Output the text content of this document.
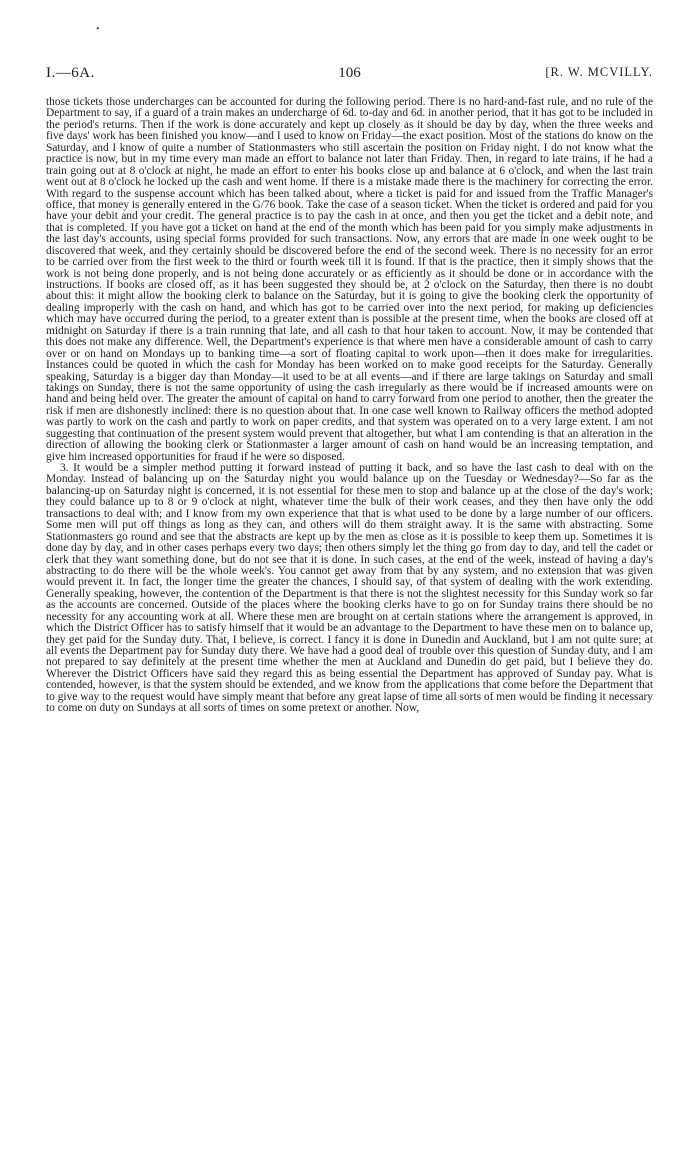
•
I.—6A.	106	[R. W. MCVILLY.

those tickets those undercharges can be accounted for during the following period. There is no hard-and-fast rule, and no rule of the Department to say, if a guard of a train makes an undercharge of 6d. to-day and 6d. in another period, that it has got to be included in the period's returns. Then if the work is done accurately and kept up closely as it should be day by day, when the three weeks and five days' work has been finished you know—and I used to know on Friday—the exact position. Most of the stations do know on the Saturday, and I know of quite a number of Stationmasters who still ascertain the position on Friday night. I do not know what the practice is now, but in my time every man made an effort to balance not later than Friday. Then, in regard to late trains, if he had a train going out at 8 o'clock at night, he made an effort to enter his books close up and balance at 6 o'clock, and when the last train went out at 8 o'clock he locked up the cash and went home. If there is a mistake made there is the machinery for correcting the error. With regard to the suspense account which has been talked about, where a ticket is paid for and issued from the Traffic Manager's office, that money is generally entered in the G/76 book. Take the case of a season ticket. When the ticket is ordered and paid for you have your debit and your credit. The general practice is to pay the cash in at once, and then you get the ticket and a debit note, and that is completed. If you have got a ticket on hand at the end of the month which has been paid for you simply make adjustments in the last day's accounts, using special forms provided for such transactions. Now, any errors that are made in one week ought to be discovered that week, and they certainly should be discovered before the end of the second week. There is no necessity for an error to be carried over from the first week to the third or fourth week till it is found. If that is the practice, then it simply shows that the work is not being done properly, and is not being done accurately or as efficiently as it should be done or in accordance with the instructions. If books are closed off, as it has been suggested they should be, at 2 o'clock on the Saturday, then there is no doubt about this: it might allow the booking clerk to balance on the Saturday, but it is going to give the booking clerk the opportunity of dealing improperly with the cash on hand, and which has got to be carried over into the next period, for making up deficiencies which may have occurred during the period, to a greater extent than is possible at the present time, when the books are closed off at midnight on Saturday if there is a train running that late, and all cash to that hour taken to account. Now, it may be contended that this does not make any difference. Well, the Department's experience is that where men have a considerable amount of cash to carry over or on hand on Mondays up to banking time—a sort of floating capital to work upon—then it does make for irregularities. Instances could be quoted in which the cash for Monday has been worked on to make good receipts for the Saturday. Generally speaking, Saturday is a bigger day than Monday—it used to be at all events—and if there are large takings on Saturday and small takings on Sunday, there is not the same opportunity of using the cash irregularly as there would be if increased amounts were on hand and being held over. The greater the amount of capital on hand to carry forward from one period to another, then the greater the risk if men are dishonestly inclined: there is no question about that. In one case well known to Railway officers the method adopted was partly to work on the cash and partly to work on paper credits, and that system was operated on to a very large extent. I am not suggesting that continuation of the present system would prevent that altogether, but what I am contending is that an alteration in the direction of allowing the booking clerk or Stationmaster a larger amount of cash on hand would be an increasing temptation, and give him increased opportunities for fraud if he were so disposed.

3. It would be a simpler method putting it forward instead of putting it back, and so have the last cash to deal with on the Monday. Instead of balancing up on the Saturday night you would balance up on the Tuesday or Wednesday?—So far as the balancing-up on Saturday night is concerned, it is not essential for these men to stop and balance up at the close of the day's work; they could balance up to 8 or 9 o'clock at night, whatever time the bulk of their work ceases, and they then have only the odd transactions to deal with; and I know from my own experience that that is what used to be done by a large number of our officers. Some men will put off things as long as they can, and others will do them straight away. It is the same with abstracting. Some Stationmasters go round and see that the abstracts are kept up by the men as close as it is possible to keep them up. Sometimes it is done day by day, and in other cases perhaps every two days; then others simply let the thing go from day to day, and tell the cadet or clerk that they want something done, but do not see that it is done. In such cases, at the end of the week, instead of having a day's abstracting to do there will be the whole week's. You cannot get away from that by any system, and no extension that was given would prevent it. In fact, the longer time the greater the chances, I should say, of that system of dealing with the work extending. Generally speaking, however, the contention of the Department is that there is not the slightest necessity for this Sunday work so far as the accounts are concerned. Outside of the places where the booking clerks have to go on for Sunday trains there should be no necessity for any accounting work at all. Where these men are brought on at certain stations where the arrangement is approved, in which the District Officer has to satisfy himself that it would be an advantage to the Department to have these men on to balance up, they get paid for the Sunday duty. That, I believe, is correct. I fancy it is done in Dunedin and Auckland, but I am not quite sure; at all events the Department pay for Sunday duty there. We have had a good deal of trouble over this question of Sunday duty, and I am not prepared to say definitely at the present time whether the men at Auckland and Dunedin do get paid, but I believe they do. Wherever the District Officers have said they regard this as being essential the Department has approved of Sunday pay. What is contended, however, is that the system should be extended, and we know from the applications that come before the Department that to give way to the request would have simply meant that before any great lapse of time all sorts of men would be finding it necessary to come on duty on Sundays at all sorts of times on some pretext or another. Now,
